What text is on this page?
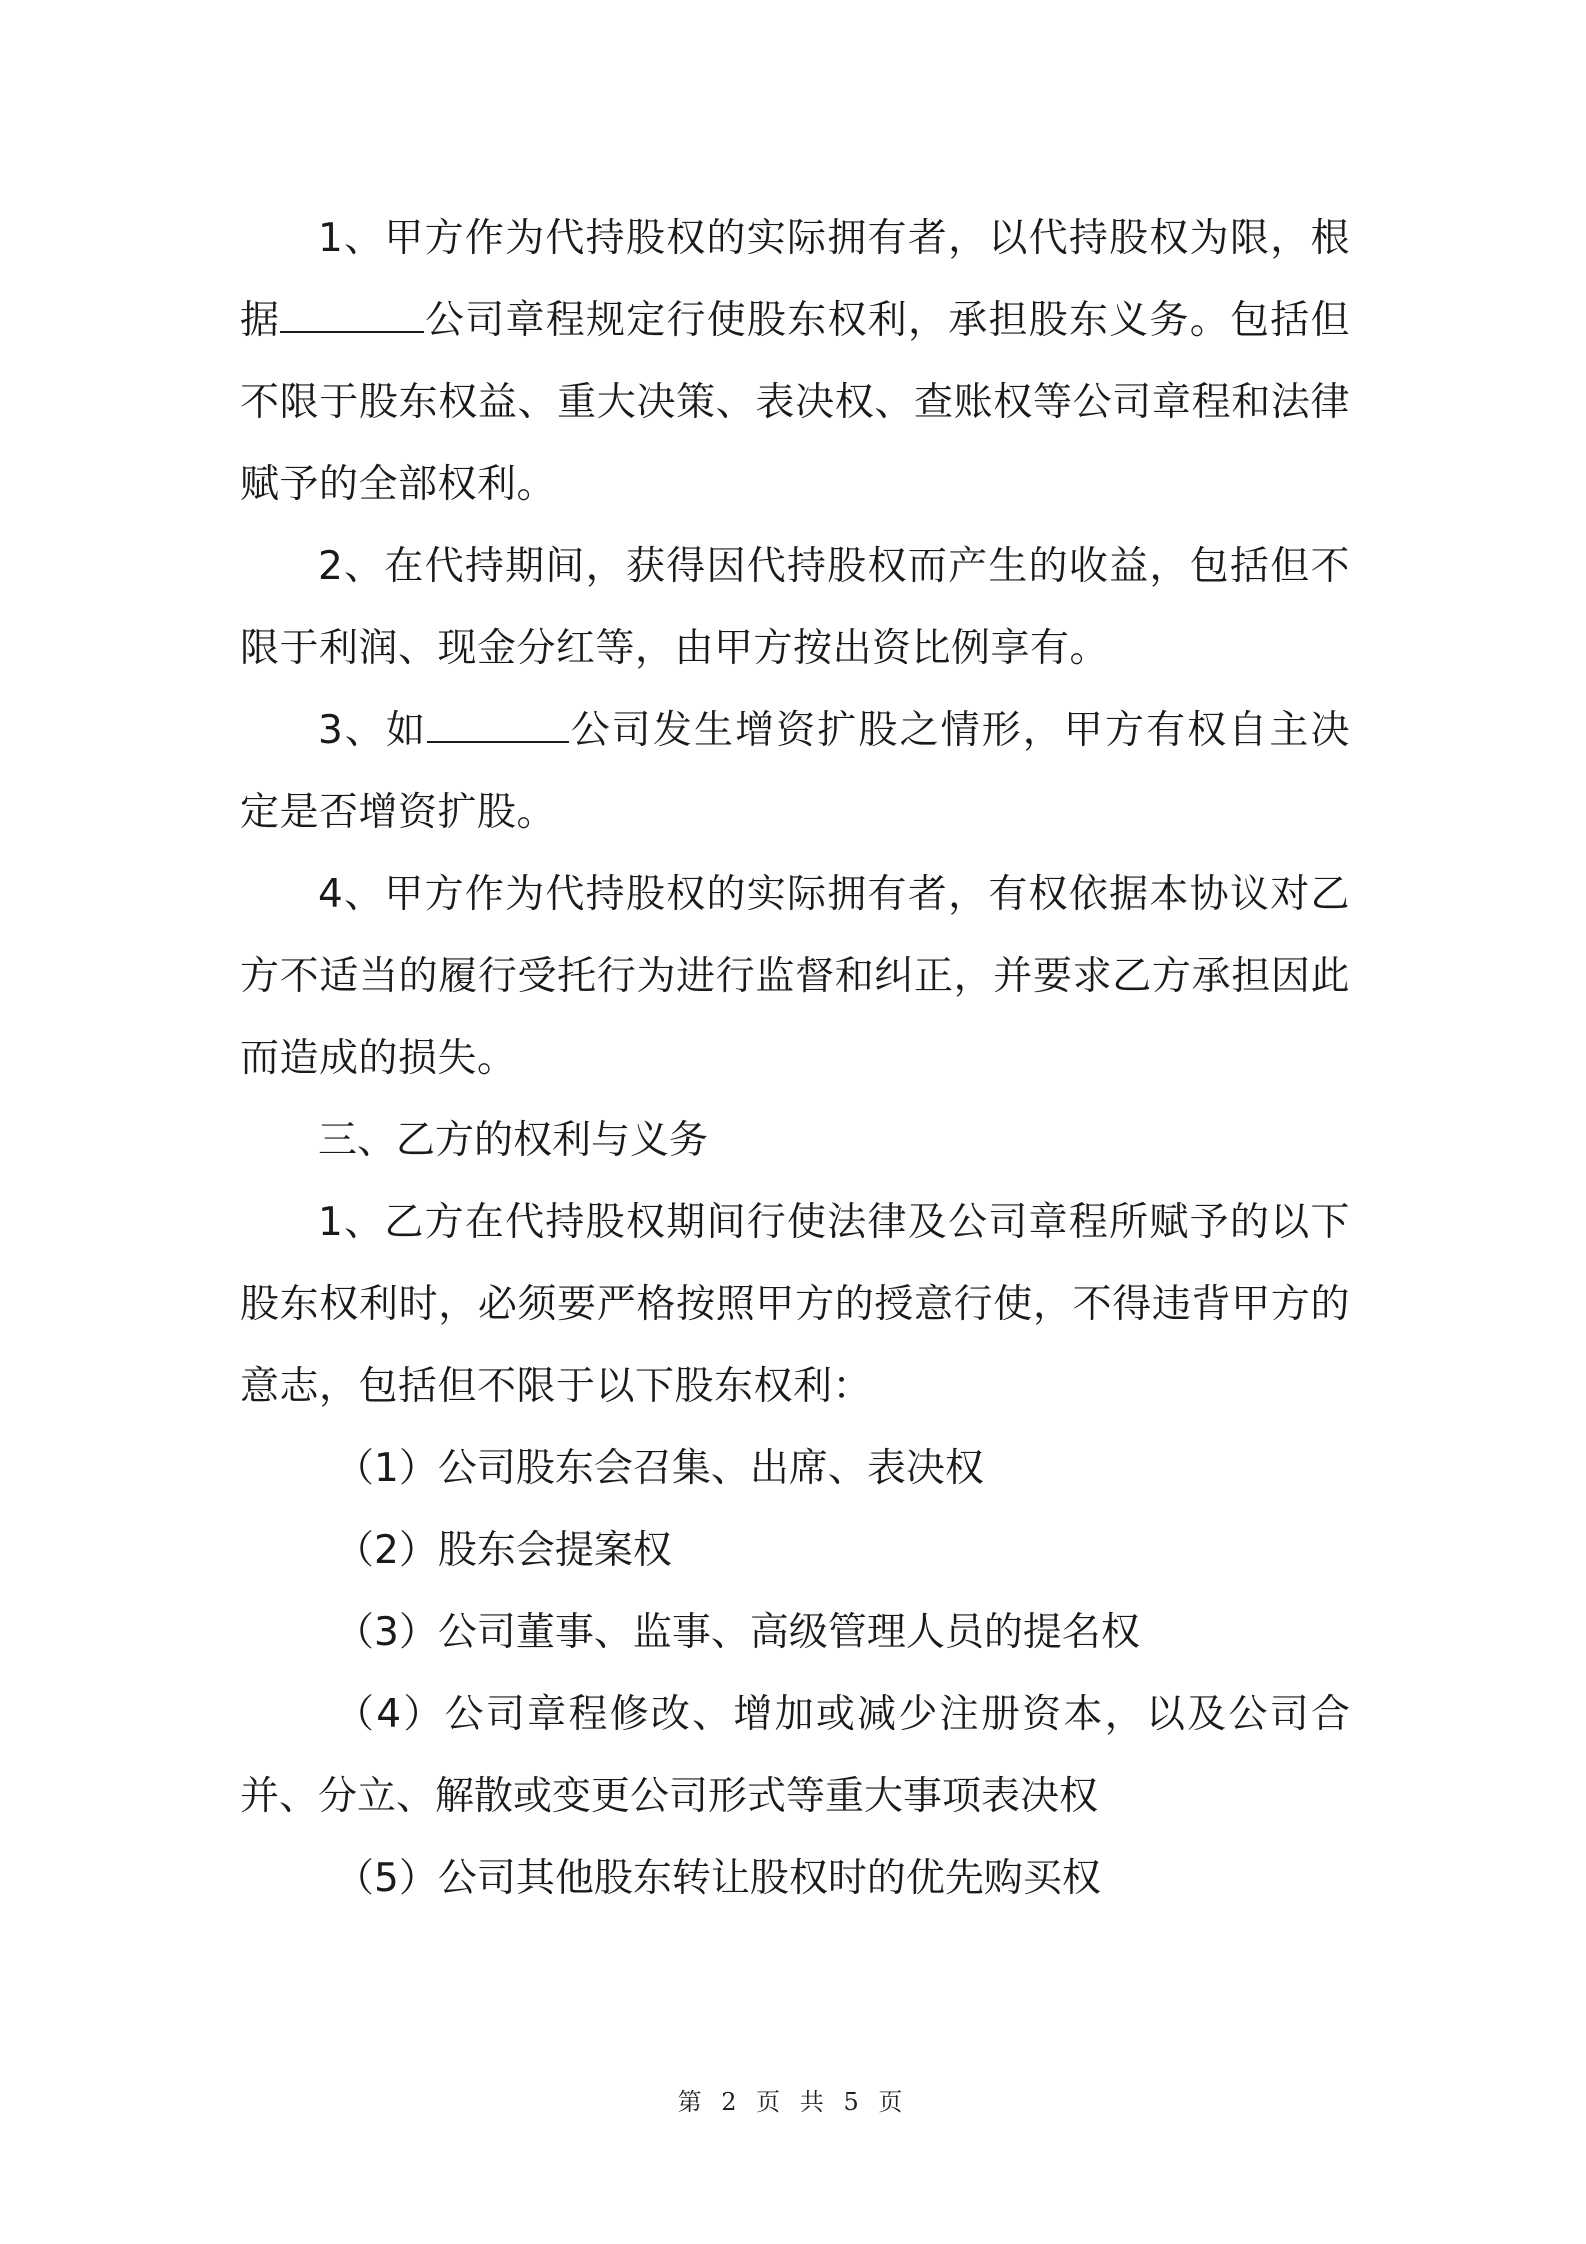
1、甲方作为代持股权的实际拥有者，以代持股权为限，根据	公司章程规定行使股东权利，承担股东义务。包括但不限于股东权益、重大决策、表决权、查账权等公司章程和法律赋予的全部权利。

2、在代持期间，获得因代持股权而产生的收益，包括但不限于利润、现金分红等，由甲方按出资比例享有。

3、如	公司发生增资扩股之情形，甲方有权自主决定是否增资扩股。

4、甲方作为代持股权的实际拥有者，有权依据本协议对乙方不适当的履行受托行为进行监督和纠正，并要求乙方承担因此而造成的损失。

三、乙方的权利与义务

1、乙方在代持股权期间行使法律及公司章程所赋予的以下股东权利时，必须要严格按照甲方的授意行使，不得违背甲方的意志，包括但不限于以下股东权利：

（1）公司股东会召集、出席、表决权

（2）股东会提案权

（3）公司董事、监事、高级管理人员的提名权

（4）公司章程修改、增加或减少注册资本，以及公司合并、分立、解散或变更公司形式等重大事项表决权

（5）公司其他股东转让股权时的优先购买权

第 2 页 共 5 页
